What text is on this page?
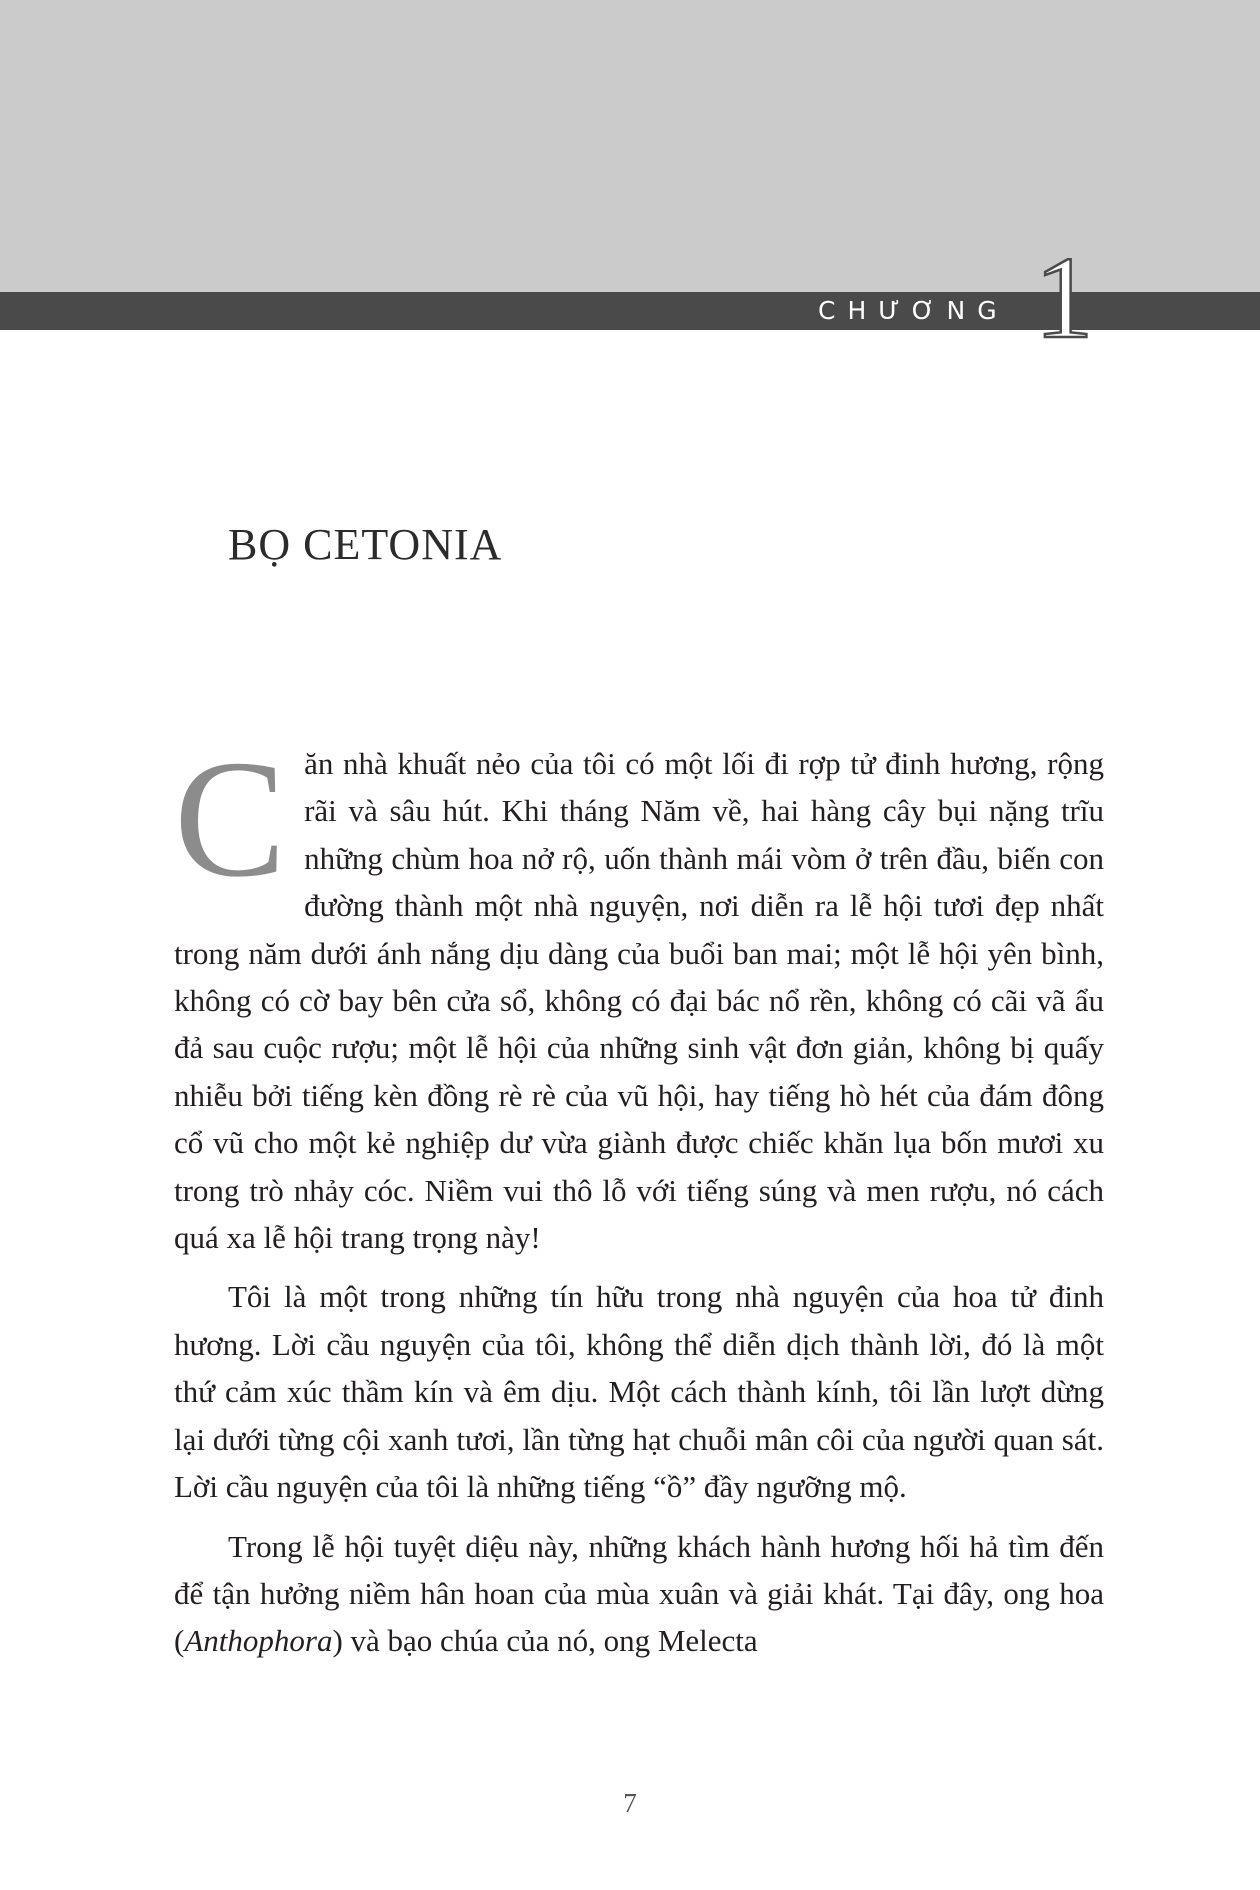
CHƯƠNG 1
BỌ CETONIA

Căn nhà khuất nẻo của tôi có một lối đi rợp tử đinh hương, rộng rãi và sâu hút. Khi tháng Năm về, hai hàng cây bụi nặng trĩu những chùm hoa nở rộ, uốn thành mái vòm ở trên đầu, biến con đường thành một nhà nguyện, nơi diễn ra lễ hội tươi đẹp nhất trong năm dưới ánh nắng dịu dàng của buổi ban mai; một lễ hội yên bình, không có cờ bay bên cửa sổ, không có đại bác nổ rền, không có cãi vã ẩu đả sau cuộc rượu; một lễ hội của những sinh vật đơn giản, không bị quấy nhiễu bởi tiếng kèn đồng rè rè của vũ hội, hay tiếng hò hét của đám đông cổ vũ cho một kẻ nghiệp dư vừa giành được chiếc khăn lụa bốn mươi xu trong trò nhảy cóc. Niềm vui thô lỗ với tiếng súng và men rượu, nó cách quá xa lễ hội trang trọng này!

Tôi là một trong những tín hữu trong nhà nguyện của hoa tử đinh hương. Lời cầu nguyện của tôi, không thể diễn dịch thành lời, đó là một thứ cảm xúc thầm kín và êm dịu. Một cách thành kính, tôi lần lượt dừng lại dưới từng cội xanh tươi, lần từng hạt chuỗi mân côi của người quan sát. Lời cầu nguyện của tôi là những tiếng “ồ” đầy ngưỡng mộ.

Trong lễ hội tuyệt diệu này, những khách hành hương hối hả tìm đến để tận hưởng niềm hân hoan của mùa xuân và giải khát. Tại đây, ong hoa (Anthophora) và bạo chúa của nó, ong Melecta

7
